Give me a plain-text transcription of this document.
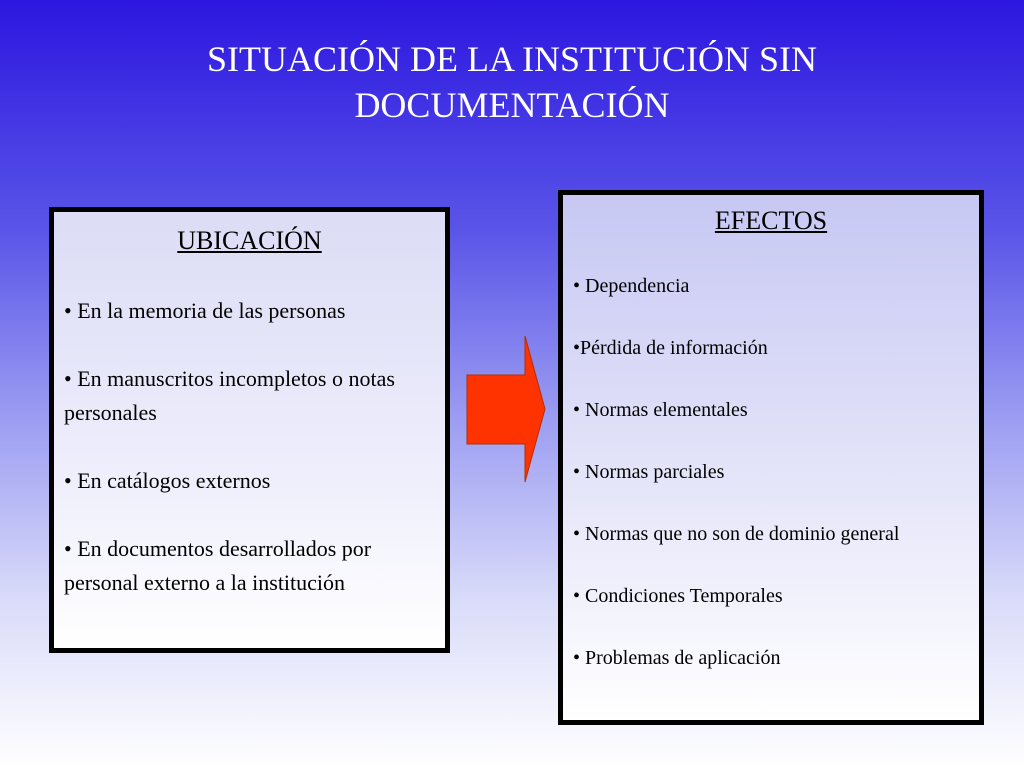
SITUACIÓN DE LA INSTITUCIÓN SIN
DOCUMENTACIÓN

UBICACIÓN

• En la memoria de las personas
• En manuscritos incompletos o notas personales
• En catálogos externos
• En documentos desarrollados por personal externo a la institución

EFECTOS

• Dependencia
•Pérdida de información
• Normas elementales
• Normas parciales
• Normas que no son de dominio general
• Condiciones Temporales
• Problemas de aplicación
